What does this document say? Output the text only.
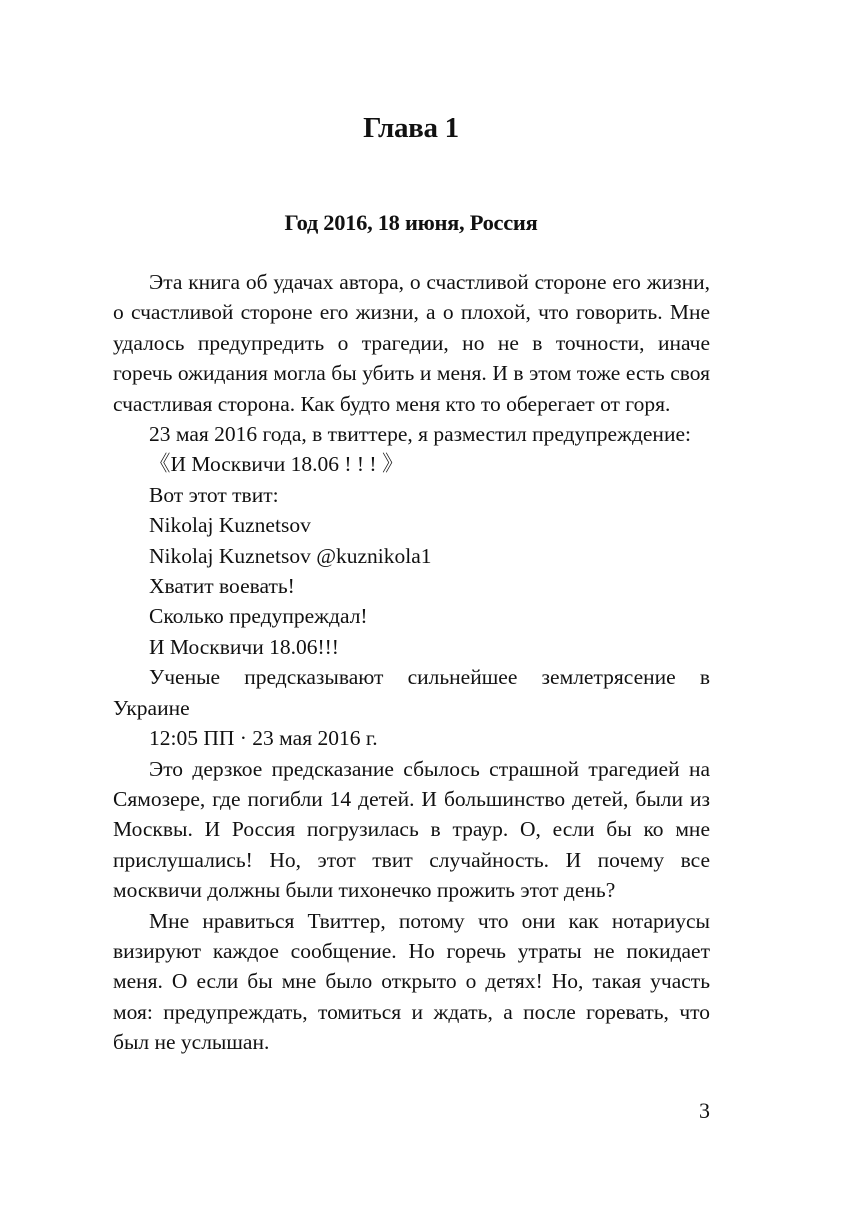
Глава 1
Год 2016, 18 июня, Россия

Эта книга об удачах автора, о счастливой стороне его жизни, о счастливой стороне его жизни, а о плохой, что говорить. Мне удалось предупредить о трагедии, но не в точности, иначе горечь ожидания могла бы убить и меня. И в этом тоже есть своя счастливая сторона. Как будто меня кто то оберегает от горя.

23 мая 2016 года, в твиттере, я разместил предупреждение:

《И Москвичи 18.06 ! ! ! 》

Вот этот твит:

Nikolaj Kuznetsov

Nikolaj Kuznetsov @kuznikola1

Хватит воевать!

Сколько предупреждал!

И Москвичи 18.06!!!

Ученые предсказывают сильнейшее землетрясение в Украине

12:05 ПП · 23 мая 2016 г.

Это дерзкое предсказание сбылось страшной трагедией на Сямозере, где погибли 14 детей. И большинство детей, были из Москвы. И Россия погрузилась в траур. О, если бы ко мне прислушались! Но, этот твит случайность. И почему все москвичи должны были тихонечко прожить этот день?

Мне нравиться Твиттер, потому что они как нотариусы визируют каждое сообщение. Но горечь утраты не покидает меня. О если бы мне было открыто о детях! Но, такая участь моя: предупреждать, томиться и ждать, а после горевать, что был не услышан.

3
